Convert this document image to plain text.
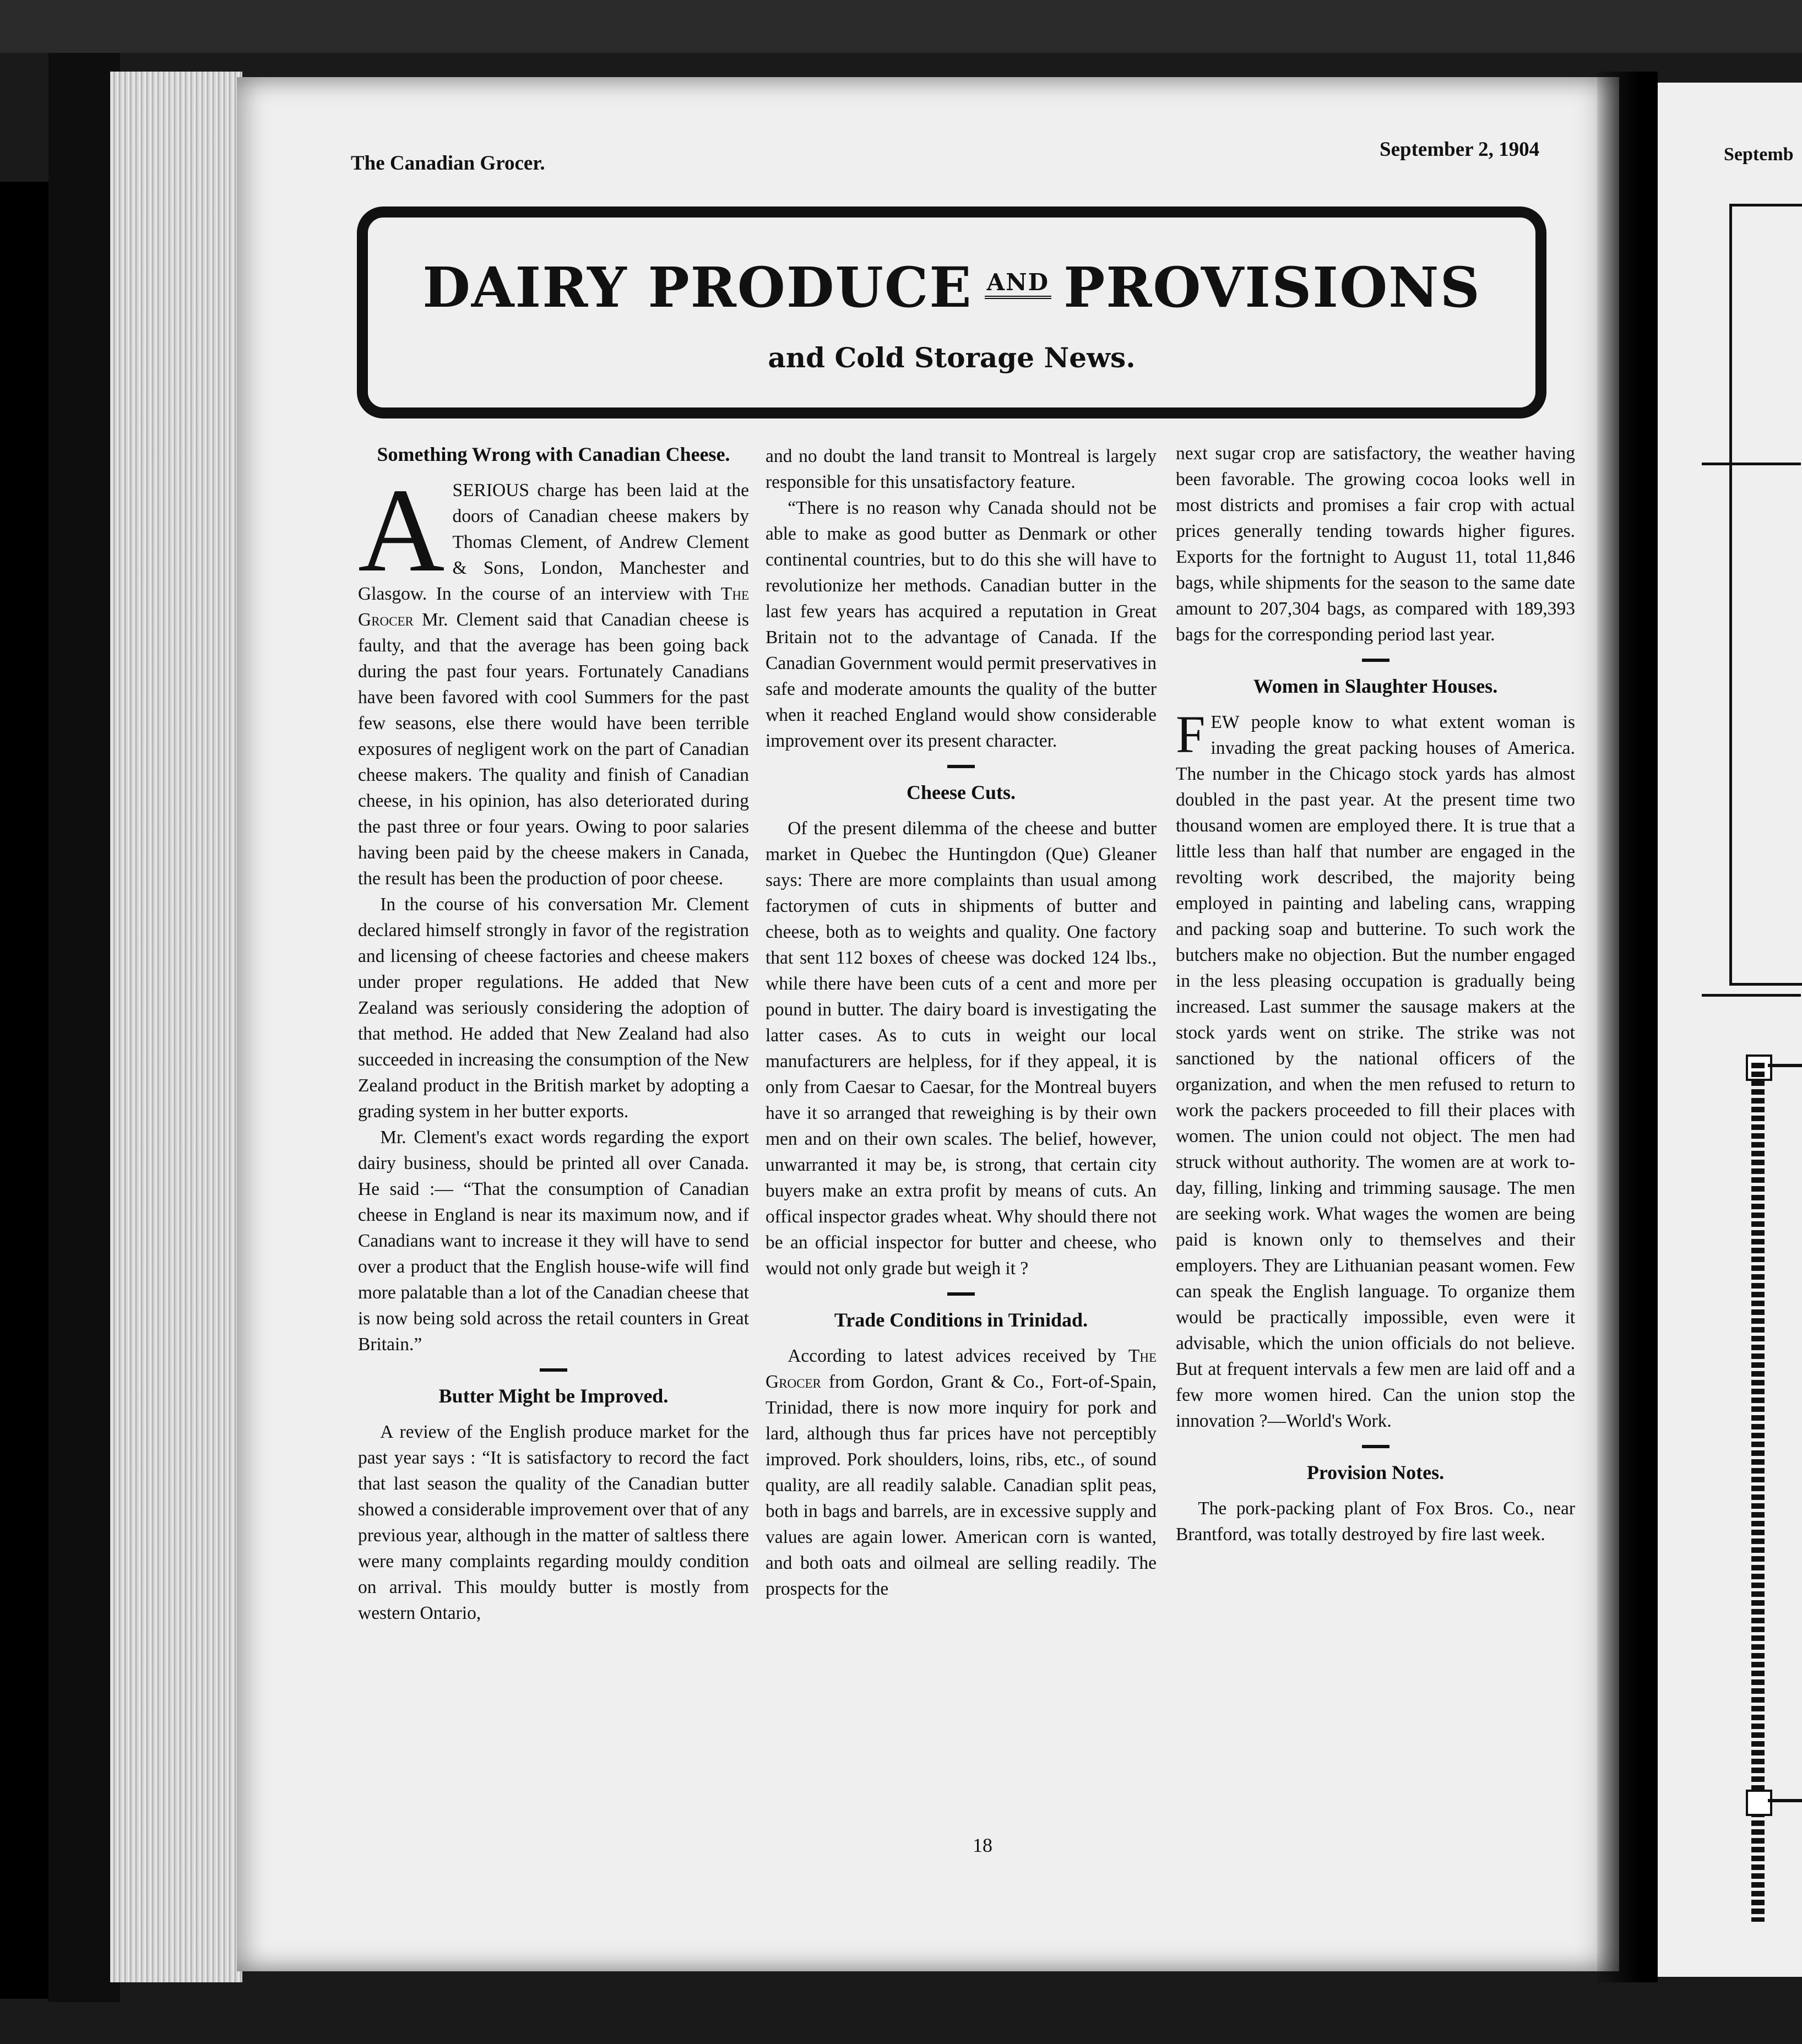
Septemb
The Canadian Grocer.
September 2, 1904
DAIRY PRODUCE $^{AND}$ PROVISIONS
and Cold Storage News.
Something Wrong with Canadian Cheese.

ASERIOUS charge has been laid at the doors of Canadian cheese makers by Thomas Clement, of Andrew Clement & Sons, London, Manchester and Glasgow. In the course of an interview with The Grocer Mr. Clement said that Canadian cheese is faulty, and that the average has been going back during the past four years. Fortunately Canadians have been favored with cool Summers for the past few seasons, else there would have been terrible exposures of negligent work on the part of Canadian cheese makers. The quality and finish of Canadian cheese, in his opinion, has also deteriorated during the past three or four years. Owing to poor salaries having been paid by the cheese makers in Canada, the result has been the production of poor cheese.

In the course of his conversation Mr. Clement declared himself strongly in favor of the registration and licensing of cheese factories and cheese makers under proper regulations. He added that New Zealand was seriously considering the adoption of that method. He added that New Zealand had also succeeded in increasing the consumption of the New Zealand product in the British market by adopting a grading system in her butter exports.

Mr. Clement's exact words regarding the export dairy business, should be printed all over Canada. He said :— “That the consumption of Canadian cheese in England is near its maximum now, and if Canadians want to increase it they will have to send over a product that the English house-wife will find more palatable than a lot of the Canadian cheese that is now being sold across the retail counters in Great Britain.”

Butter Might be Improved.

A review of the English produce market for the past year says : “It is satisfactory to record the fact that last season the quality of the Canadian butter showed a considerable improvement over that of any previous year, although in the matter of saltless there were many complaints regarding mouldy condition on arrival. This mouldy butter is mostly from western Ontario,

and no doubt the land transit to Montreal is largely responsible for this unsatisfactory feature.

“There is no reason why Canada should not be able to make as good butter as Denmark or other continental countries, but to do this she will have to revolutionize her methods. Canadian butter in the last few years has acquired a reputation in Great Britain not to the advantage of Canada. If the Canadian Government would permit preservatives in safe and moderate amounts the quality of the butter when it reached England would show considerable improvement over its present character.

Cheese Cuts.

Of the present dilemma of the cheese and butter market in Quebec the Huntingdon (Que) Gleaner says: There are more complaints than usual among factorymen of cuts in shipments of butter and cheese, both as to weights and quality. One factory that sent 112 boxes of cheese was docked 124 lbs., while there have been cuts of a cent and more per pound in butter. The dairy board is investigating the latter cases. As to cuts in weight our local manufacturers are helpless, for if they appeal, it is only from Caesar to Caesar, for the Montreal buyers have it so arranged that reweighing is by their own men and on their own scales. The belief, however, unwarranted it may be, is strong, that certain city buyers make an extra profit by means of cuts. An offical inspector grades wheat. Why should there not be an official inspector for butter and cheese, who would not only grade but weigh it ?

Trade Conditions in Trinidad.

According to latest advices received by The Grocer from Gordon, Grant & Co., Fort-of-Spain, Trinidad, there is now more inquiry for pork and lard, although thus far prices have not perceptibly improved. Pork shoulders, loins, ribs, etc., of sound quality, are all readily salable. Canadian split peas, both in bags and barrels, are in excessive supply and values are again lower. American corn is wanted, and both oats and oilmeal are selling readily. The prospects for the

next sugar crop are satisfactory, the weather having been favorable. The growing cocoa looks well in most districts and promises a fair crop with actual prices generally tending towards higher figures. Exports for the fortnight to August 11, total 11,846 bags, while shipments for the season to the same date amount to 207,304 bags, as compared with 189,393 bags for the corresponding period last year.

Women in Slaughter Houses.

FEW people know to what extent woman is invading the great packing houses of America. The number in the Chicago stock yards has almost doubled in the past year. At the present time two thousand women are employed there. It is true that a little less than half that number are engaged in the revolting work described, the majority being employed in painting and labeling cans, wrapping and packing soap and butterine. To such work the butchers make no objection. But the number engaged in the less pleasing occupation is gradually being increased. Last summer the sausage makers at the stock yards went on strike. The strike was not sanctioned by the national officers of the organization, and when the men refused to return to work the packers proceeded to fill their places with women. The union could not object. The men had struck without authority. The women are at work to-day, filling, linking and trimming sausage. The men are seeking work. What wages the women are being paid is known only to themselves and their employers. They are Lithuanian peasant women. Few can speak the English language. To organize them would be practically impossible, even were it advisable, which the union officials do not believe. But at frequent intervals a few men are laid off and a few more women hired. Can the union stop the innovation ?—World's Work.

Provision Notes.

The pork-packing plant of Fox Bros. Co., near Brantford, was totally destroyed by fire last week.

18
